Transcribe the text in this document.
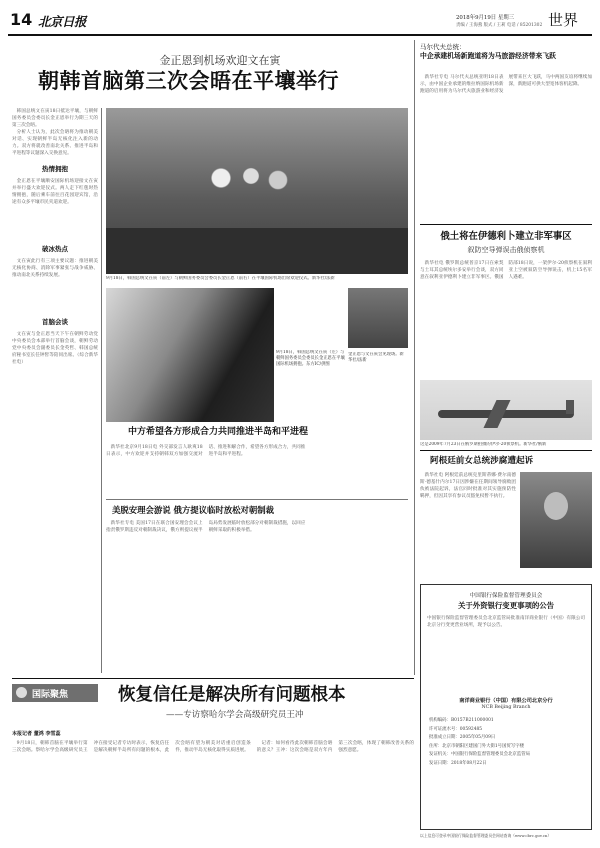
14 北京日报	2018年9月19日 星期三
责编 / 王海燕 版式 / 王莉 电话 / 85201302 世界
金正恩到机场欢迎文在寅
朝韩首脑第三次会晤在平壤举行

韩国总统文在寅18日抵达平壤，与朝鲜国务委员会委员长金正恩举行为期三天的第三次会晤。

分析人士认为，此次会晤将为推动朝美对话、实现朝鲜半岛无核化注入新的动力。双方将就改善南北关系、推进半岛和平进程等议题深入交换意见。

热情拥抱

金正恩在平壤顺安国际机场迎接文在寅并举行盛大欢迎仪式。两人走下红毯时热情拥抱，随后乘车前往百花园迎宾馆，沿途有众多平壤市民夹道欢迎。

破冰热点

文在寅此行有三项主要议题：推进朝美无核化协商、消除军事紧张与战争威胁、推动南北关系持续发展。

首脑会谈

文在寅与金正恩当天下午在朝鲜劳动党中央委员会本部举行首脑会谈，朝鲜劳动党中央委员会副委员长金英哲、韩国总统府秘书室长任钟皙等陪同出席。（综合新华社电）

9月18日，韩国总统文在寅（前左）与朝鲜国务委员会委员长金正恩（前右）在平壤国际机场出席欢迎仪式。新华社/法新
9月18日，韩国总统文在寅（左）与朝鲜国务委员会委员长金正恩在平壤国际机场拥抱。东方IC/供图
金正恩与文在寅会见现场。新华社/法新
中方希望各方形成合力共同推进半岛和平进程

新华社北京9月18日电 外交部发言人耿爽18日表示，中方欢迎并支持朝韩双方加强交流对话、推进和解合作，希望各方形成合力，共同推进半岛和平进程。

美脱安理会游说 俄方提议临时放松对朝制裁

新华社专电 美国17日在联合国安理会会议上指责俄罗斯违反对朝制裁决议，俄方则提议视半岛局势发展临时放松部分对朝制裁措施，以回应朝鲜采取的积极举措。

马尔代夫总统：
中企承建机场新跑道将为马旅游经济带来飞跃

新华社专电 马尔代夫总统亚明18日表示，由中国企业承建的维拉纳国际机场新跑道的启用将为马尔代夫旅游业和经济发展带来巨大飞跃，马中两国友谊将继续加深，新跑道可供大型宽体客机起降。

俄土将在伊德利卜建立非军事区
叙防空导弹误击俄侦察机

新华社电 俄罗斯总统普京17日在索契与土耳其总统埃尔多安举行会谈，双方同意在叙利亚伊德利卜建立非军事区。俄国防部18日说，一架伊尔-20侦察机在叙利亚上空被叙防空导弹误击，机上15名军人遇难。

这是2009年7月23日在俄罗斯拍摄的伊尔-20侦察机。新华社/俄新
阿根廷前女总统涉腐遭起诉

新华社电 阿根廷前总统克里斯蒂娜·费尔南德斯·德基什内尔17日因涉嫌在任期间领导腐败团伙被法院起诉，法官同时批准对其实施预防性羁押，但因其享有参议员豁免权暂不执行。

中国银行保险监督管理委员会
关于外资银行变更事项的公告
中国银行保险监督管理委员会北京监管局批准南洋商业银行（中国）有限公司北京分行变更营业场所，现予以公告。
南洋商业银行（中国）有限公司北京分行
NCB Beijing Branch
机构编码：B0157B211000001
许可证流水号：00592485
批准成立日期：2005年05月09日
住所：北京市朝阳区建国门外大街1号国贸写字楼
发证机关：中国银行保险监督管理委员会北京监管局
发证日期：2018年08月22日
国际聚焦	恢复信任是解决所有问题根本
——专访察哈尔学会高级研究员王冲
本报记者 董鸿 李雪蕊

9月18日，朝韩首脑在平壤举行第三次会晤。察哈尔学会高级研究员王冲在接受记者专访时表示，恢复信任是解决朝鲜半岛所有问题的根本，此次会晤有望为朝美对话重启创造条件，推动半岛无核化取得实质进展。

记者：如何看待此次朝韩首脑会晤的意义？王冲：这次会晤是双方年内第三次会晤，体现了朝韩改善关系的强烈意愿。

以上信息可登录中国银行保险监督管理委员会网站查询（www.cbrc.gov.cn）
